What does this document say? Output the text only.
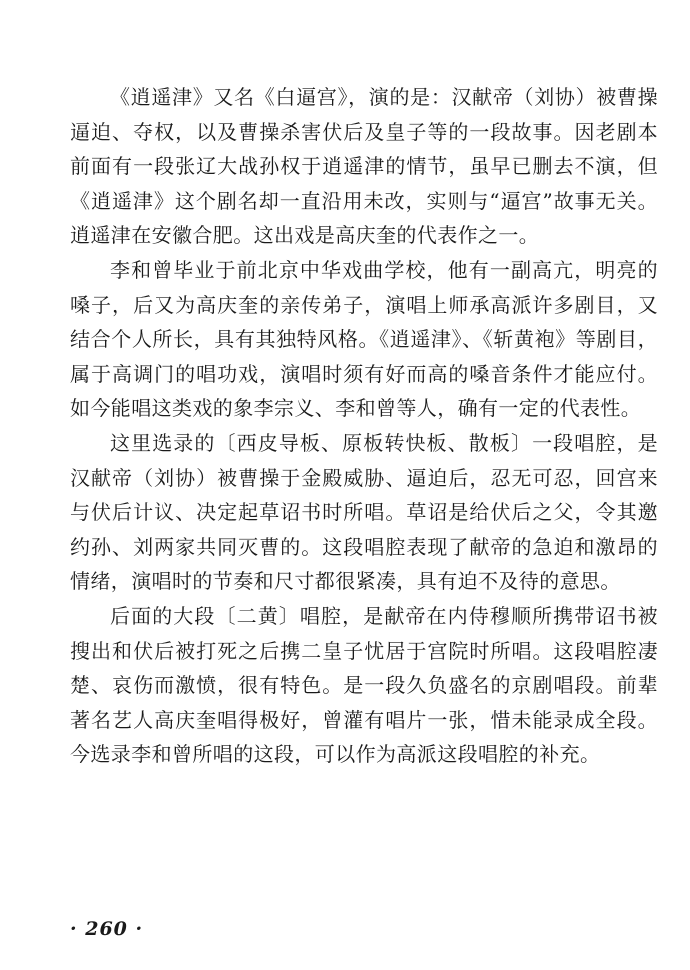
《逍遥津》又名《白逼宫》，演的是：汉献帝（刘协）被曹操逼迫、夺权，以及曹操杀害伏后及皇子等的一段故事。因老剧本前面有一段张辽大战孙权于逍遥津的情节，虽早已删去不演，但《逍遥津》这个剧名却一直沿用未改，实则与“逼宫”故事无关。逍遥津在安徽合肥。这出戏是高庆奎的代表作之一。

李和曾毕业于前北京中华戏曲学校，他有一副高亢，明亮的嗓子，后又为高庆奎的亲传弟子，演唱上师承高派许多剧目，又结合个人所长，具有其独特风格。《逍遥津》、《斩黄袍》等剧目，属于高调门的唱功戏，演唱时须有好而高的嗓音条件才能应付。如今能唱这类戏的象李宗义、李和曾等人，确有一定的代表性。

这里选录的〔西皮导板、原板转快板、散板〕一段唱腔，是汉献帝（刘协）被曹操于金殿威胁、逼迫后，忍无可忍，回宫来与伏后计议、决定起草诏书时所唱。草诏是给伏后之父，令其邀约孙、刘两家共同灭曹的。这段唱腔表现了献帝的急迫和激昂的情绪，演唱时的节奏和尺寸都很紧凑，具有迫不及待的意思。

后面的大段〔二黄〕唱腔，是献帝在内侍穆顺所携带诏书被搜出和伏后被打死之后携二皇子忧居于宫院时所唱。这段唱腔凄楚、哀伤而激愤，很有特色。是一段久负盛名的京剧唱段。前辈著名艺人高庆奎唱得极好，曾灌有唱片一张，惜未能录成全段。今选录李和曾所唱的这段，可以作为高派这段唱腔的补充。

· 260 ·
